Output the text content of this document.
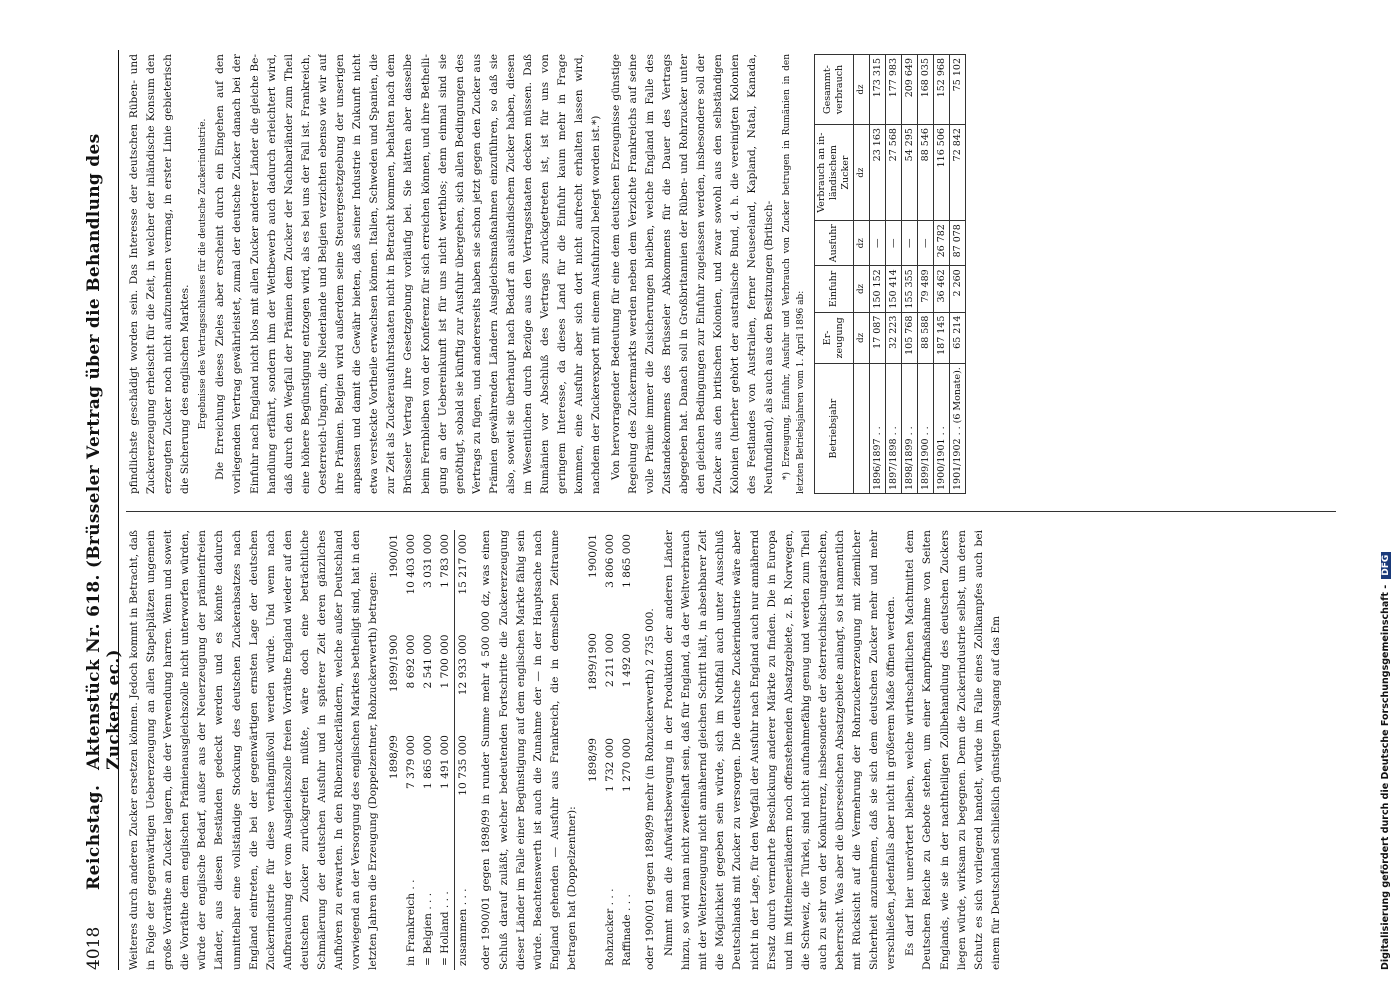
4018
Reichstag.
Aktenstück Nr. 618. (Brüsseler Vertrag über die Behandlung des Zuckers ec.) Weiteres durch anderen Zucker ersetzen können. Jedoch kommt in Betracht, daß in Folge der gegenwärtigen Uebererzeugung an allen Stapelplätzen ungemein große Vorräthe an Zucker lagern, die der Verwendung harren. Wenn und soweit die Vorräthe dem englischen Prämienausgleichszolle nicht unterworfen würden, würde der englische Bedarf, außer aus der Neuerzeugung der prämienfreien Länder, aus diesen Beständen gedeckt werden und es könnte dadurch unmittelbar eine vollständige Stockung des deutschen Zuckerabsatzes nach England eintreten, die bei der gegenwärtigen ernsten Lage der deutschen Zuckerindustrie für diese verhängnißvoll werden würde. Und wenn nach Aufbrauchung der vom Ausgleichszolle freien Vorräthe England wieder auf den deutschen Zucker zurückgreifen müßte, wäre doch eine beträchtliche Schmälerung der deutschen Ausfuhr und in späterer Zeit deren gänzliches Aufhören zu erwarten. In den Rübenzuckerländern, welche außer Deutschland vorwiegend an der Versorgung des englischen Marktes betheiligt sind, hat in den letzten Jahren die Erzeugung (Doppelzentner, Rohzuckerwerth) betragen:

	1898/99	1899/1900	1900/01
in Frankreich . .	7 379 000	8 692 000	10 403 000
= Belgien . . .	1 865 000	2 541 000	3 031 000
= Holland . . .	1 491 000	1 700 000	1 783 000
zusammen . . .	10 735 000	12 933 000	15 217 000 oder 1900/01 gegen 1898/99 in runder Summe mehr 4 500 000 dz, was einen Schluß darauf zuläßt, welcher bedeutenden Fortschritte die Zuckererzeugung dieser Länder im Falle einer Begünstigung auf dem englischen Markte fähig sein würde. Beachtenswerth ist auch die Zunahme der — in der Hauptsache nach England gehenden — Ausfuhr aus Frankreich, die in demselben Zeitraume betragen hat (Doppelzentner):

	1898/99	1899/1900	1900/01
Rohzucker . . .	1 732 000	2 211 000	3 806 000
Raffinade . . .	1 270 000	1 492 000	1 865 000

oder 1900/01 gegen 1898/99 mehr (in Rohzuckerwerth) 2 735 000. Nimmt man die Aufwärtsbewegung in der Produktion der anderen Länder hinzu, so wird man nicht zweifelhaft sein, daß für England, da der Weltverbrauch mit der Welterzeugung nicht annähernd gleichen Schritt hält, in absehbarer Zeit die Möglichkeit gegeben sein würde, sich im Nothfall auch unter Ausschluß Deutschlands mit Zucker zu versorgen. Die deutsche Zuckerindustrie wäre aber nicht in der Lage, für den Wegfall der Ausfuhr nach England auch nur annähernd Ersatz durch vermehrte Beschickung anderer Märkte zu finden. Die in Europa und im Mittelmeerländern noch offenstehenden Absatzgebiete, z. B. Norwegen, die Schweiz, die Türkei, sind nicht aufnahmefähig genug und werden zum Theil auch zu sehr von der Konkurrenz, insbesondere der österreichisch-ungarischen, beherrscht. Was aber die überseeischen Absatzgebiete anlangt, so ist namentlich mit Rücksicht auf die Vermehrung der Rohrzuckererzeugung mit ziemlicher Sicherheit anzunehmen, daß sie sich dem deutschen Zucker mehr und mehr verschließen, jedenfalls aber nicht in größerem Maße öffnen werden. Es darf hier unerörtert bleiben, welche wirthschaftlichen Machtmittel dem Deutschen Reiche zu Gebote stehen, um einer Kampfmaßnahme von Seiten Englands, wie sie in der nachtheiligen Zollbehandlung des deutschen Zuckers liegen würde, wirksam zu begegnen. Denn die Zuckerindustrie selbst, um deren Schutz es sich vorliegend handelt, würde im Falle eines Zollkampfes auch bei einem für Deutschland schließlich günstigen Ausgang auf das Em

pfindlichste geschädigt worden sein. Das Interesse der deutschen Rüben- und Zuckererzeugung erheischt für die Zeit, in welcher der inländische Konsum den erzeugten Zucker noch nicht aufzunehmen vermag, in erster Linie gebieterisch die Sicherung des englischen Marktes. Ergebnisse des Vertragsschlusses für die deutsche Zuckerindustrie. Die Erreichung dieses Zieles aber erscheint durch ein Eingehen auf den vorliegenden Vertrag gewährleistet, zumal der deutsche Zucker danach bei der Einfuhr nach England nicht blos mit allen Zucker anderer Länder die gleiche Behandlung erfährt, sondern ihm der Wettbewerb auch dadurch erleichtert wird, daß durch den Wegfall der Prämien dem Zucker der Nachbarländer zum Theil eine höhere Begünstigung entzogen wird, als es bei uns der Fall ist. Frankreich, Oesterreich-Ungarn, die Niederlande und Belgien verzichten ebenso wie wir auf ihre Prämien. Belgien wird außerdem seine Steuergesetzgebung der unserigen anpassen und damit die Gewähr bieten, daß seiner Industrie in Zukunft nicht etwa versteckte Vortheile erwachsen können. Italien, Schweden und Spanien, die zur Zeit als Zuckerausfuhrstaaten nicht in Betracht kommen, behalten nach dem Brüsseler Vertrag ihre Gesetzgebung vorläufig bei. Sie hätten aber dasselbe beim Fernbleiben von der Konferenz für sich erreichen können, und ihre Betheiligung an der Uebereinkunft ist für uns nicht werthlos; denn einmal sind sie genöthigt, sobald sie künftig zur Ausfuhr übergehen, sich allen Bedingungen des Vertrags zu fügen, und andererseits haben sie schon jetzt gegen den Zucker aus Prämien gewährenden Ländern Ausgleichsmaßnahmen einzuführen, so daß sie also, soweit sie überhaupt nach Bedarf an ausländischem Zucker haben, diesen im Wesentlichen durch Bezüge aus den Vertragsstaaten decken müssen. Daß Rumänien vor Abschluß des Vertrags zurückgetreten ist, ist für uns von geringem Interesse, da dieses Land für die Einfuhr kaum mehr in Frage kommen, eine Ausfuhr aber sich dort nicht aufrecht erhalten lassen wird, nachdem der Zuckerexport mit einem Ausfuhrzoll belegt worden ist.*) Von hervorragender Bedeutung für eine dem deutschen Erzeugnisse günstige Regelung des Zuckermarkts werden neben dem Verzichte Frankreichs auf seine volle Prämie immer die Zusicherungen bleiben, welche England im Falle des Zustandekommens des Brüsseler Abkommens für die Dauer des Vertrags abgegeben hat. Danach soll in Großbritannien der Rüben- und Rohrzucker unter den gleichen Bedingungen zur Einfuhr zugelassen werden, insbesondere soll der Zucker aus den britischen Kolonien, und zwar sowohl aus den selbständigen Kolonien (hierher gehört der australische Bund, d. h. die vereinigten Kolonien des Festlandes von Australien, ferner Neuseeland, Kapland, Natal, Kanada, Neufundland), als auch aus den Besitzungen (Britisch- *) Erzeugung, Einfuhr, Ausfuhr und Verbrauch von Zucker betrugen in Rumänien in den letzten Betriebsjahren vom 1. April 1896 ab: Betriebsjahr	Erzeugung	Einfuhr	Ausfuhr	Verbrauch an inländischem Zucker	Gesammtverbrauch
	dz	dz	dz	dz	dz
1896/1897 . .	17 087	150 152	—	23 163	173 315
1897/1898 . .	32 223	150 414	—	27 568	177 983
1898/1899 . .	105 768	155 355	—	54 295	209 649
1899/1900 . .	88 588	79 489	—	88 546	168 035
1900/1901 . .	187 145	36 462	26 782	116 506	152 968
1901/1902 . . (6 Monate).	65 214	2 260	87 078	72 842	75 102
Digitalisierung gefördert durch die Deutsche Forschungsgemeinschaft -DFG
